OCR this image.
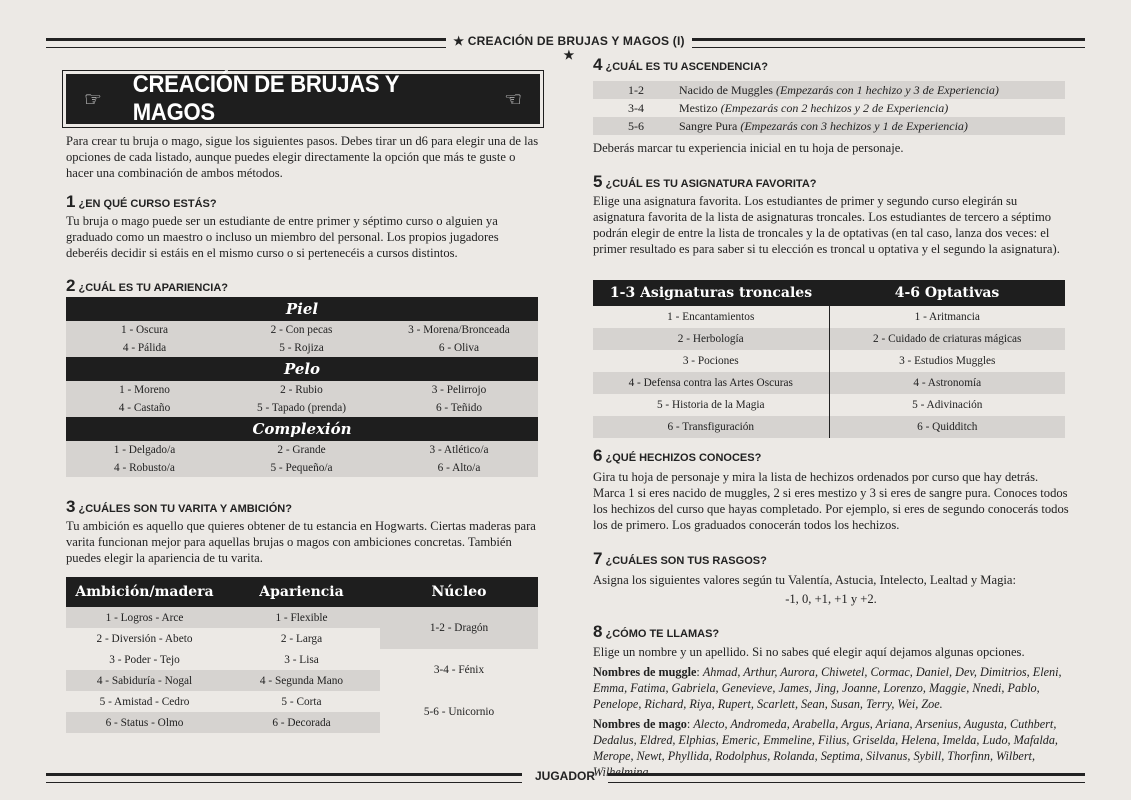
★ CREACIÓN DE BRUJAS Y MAGOS (I) ★
JUGADOR
☞
CREACIÓN DE BRUJAS Y MAGOS	☜

Para crear tu bruja o mago, sigue los siguientes pasos. Debes tirar un d6 para elegir una de las opciones de cada listado, aunque puedes elegir directamente la opción que más te guste o hacer una combinación de ambos métodos.

1 ¿EN QUÉ CURSO ESTÁS?

Tu bruja o mago puede ser un estudiante de entre primer y séptimo curso o alguien ya graduado como un maestro o incluso un miembro del personal. Los propios jugadores deberéis decidir si estáis en el mismo curso o si pertenecéis a cursos distintos.

2 ¿CUÁL ES TU APARIENCIA?
Piel		
1 - Oscura	2 - Con pecas	3 - Morena/Bronceada
4 - Pálida	5 - Rojiza	6 - Oliva
Pelo		
1 - Moreno	2 - Rubio	3 - Pelirrojo
4 - Castaño	5 - Tapado (prenda)	6 - Teñido
Complexión		
1 - Delgado/a	2 - Grande	3 - Atlético/a
4 - Robusto/a	5 - Pequeño/a	6 - Alto/a
3 ¿CUÁLES SON TU VARITA Y AMBICIÓN?

Tu ambición es aquello que quieres obtener de tu estancia en Hogwarts. Ciertas maderas para varita funcionan mejor para aquellas brujas o magos con ambiciones concretas. También puedes elegir la apariencia de tu varita.

Ambición/madera	Apariencia	Núcleo
1 - Logros - Arce	1 - Flexible	1-2 - Dragón
2 - Diversión - Abeto	2 - Larga	
3 - Poder - Tejo	3 - Lisa	3-4 - Fénix
4 - Sabiduría - Nogal	4 - Segunda Mano	
5 - Amistad - Cedro	5 - Corta	5-6 - Unicornio
6 - Status - Olmo	6 - Decorada	
4 ¿CUÁL ES TU ASCENDENCIA?
1-2	Nacido de Muggles (Empezarás con 1 hechizo y 3 de Experiencia)
3-4	Mestizo (Empezarás con 2 hechizos y 2 de Experiencia)
5-6	Sangre Pura (Empezarás con 3 hechizos y 1 de Experiencia)

Deberás marcar tu experiencia inicial en tu hoja de personaje.

5 ¿CUÁL ES TU ASIGNATURA FAVORITA?

Elige una asignatura favorita. Los estudiantes de primer y segundo curso elegirán su asignatura favorita de la lista de asignaturas troncales. Los estudiantes de tercero a séptimo podrán elegir de entre la lista de troncales y la de optativas (en tal caso, lanza dos veces: el primer resultado es para saber si tu elección es troncal u optativa y el segundo la asignatura).

1-3 Asignaturas troncales	4-6 Optativas
1 - Encantamientos	1 - Aritmancia
2 - Herbología	2 - Cuidado de criaturas mágicas
3 - Pociones	3 - Estudios Muggles
4 - Defensa contra las Artes Oscuras	4 - Astronomía
5 - Historia de la Magia	5 - Adivinación
6 - Transfiguración	6 - Quidditch
6 ¿QUÉ HECHIZOS CONOCES?

Gira tu hoja de personaje y mira la lista de hechizos ordenados por curso que hay detrás. Marca 1 si eres nacido de muggles, 2 si eres mestizo y 3 si eres de sangre pura. Conoces todos los hechizos del curso que hayas completado. Por ejemplo, si eres de segundo conocerás todos los de primero. Los graduados conocerán todos los hechizos.

7 ¿CUÁLES SON TUS RASGOS?

Asigna los siguientes valores según tu Valentía, Astucia, Intelecto, Lealtad y Magia:

-1, 0, +1, +1 y +2.

8 ¿CÓMO TE LLAMAS?

Elige un nombre y un apellido. Si no sabes qué elegir aquí dejamos algunas opciones.

Nombres de muggle: Ahmad, Arthur, Aurora, Chiwetel, Cormac, Daniel, Dev, Dimitrios, Eleni, Emma, Fatima, Gabriela, Genevieve, James, Jing, Joanne, Lorenzo, Maggie, Nnedi, Pablo, Penelope, Richard, Riya, Rupert, Scarlett, Sean, Susan, Terry, Wei, Zoe.

Nombres de mago: Alecto, Andromeda, Arabella, Argus, Ariana, Arsenius, Augusta, Cuthbert, Dedalus, Eldred, Elphias, Emeric, Emmeline, Filius, Griselda, Helena, Imelda, Ludo, Mafalda, Merope, Newt, Phyllida, Rodolphus, Rolanda, Septima, Silvanus, Sybill, Thorfinn, Wilbert, Wilhelmina.
